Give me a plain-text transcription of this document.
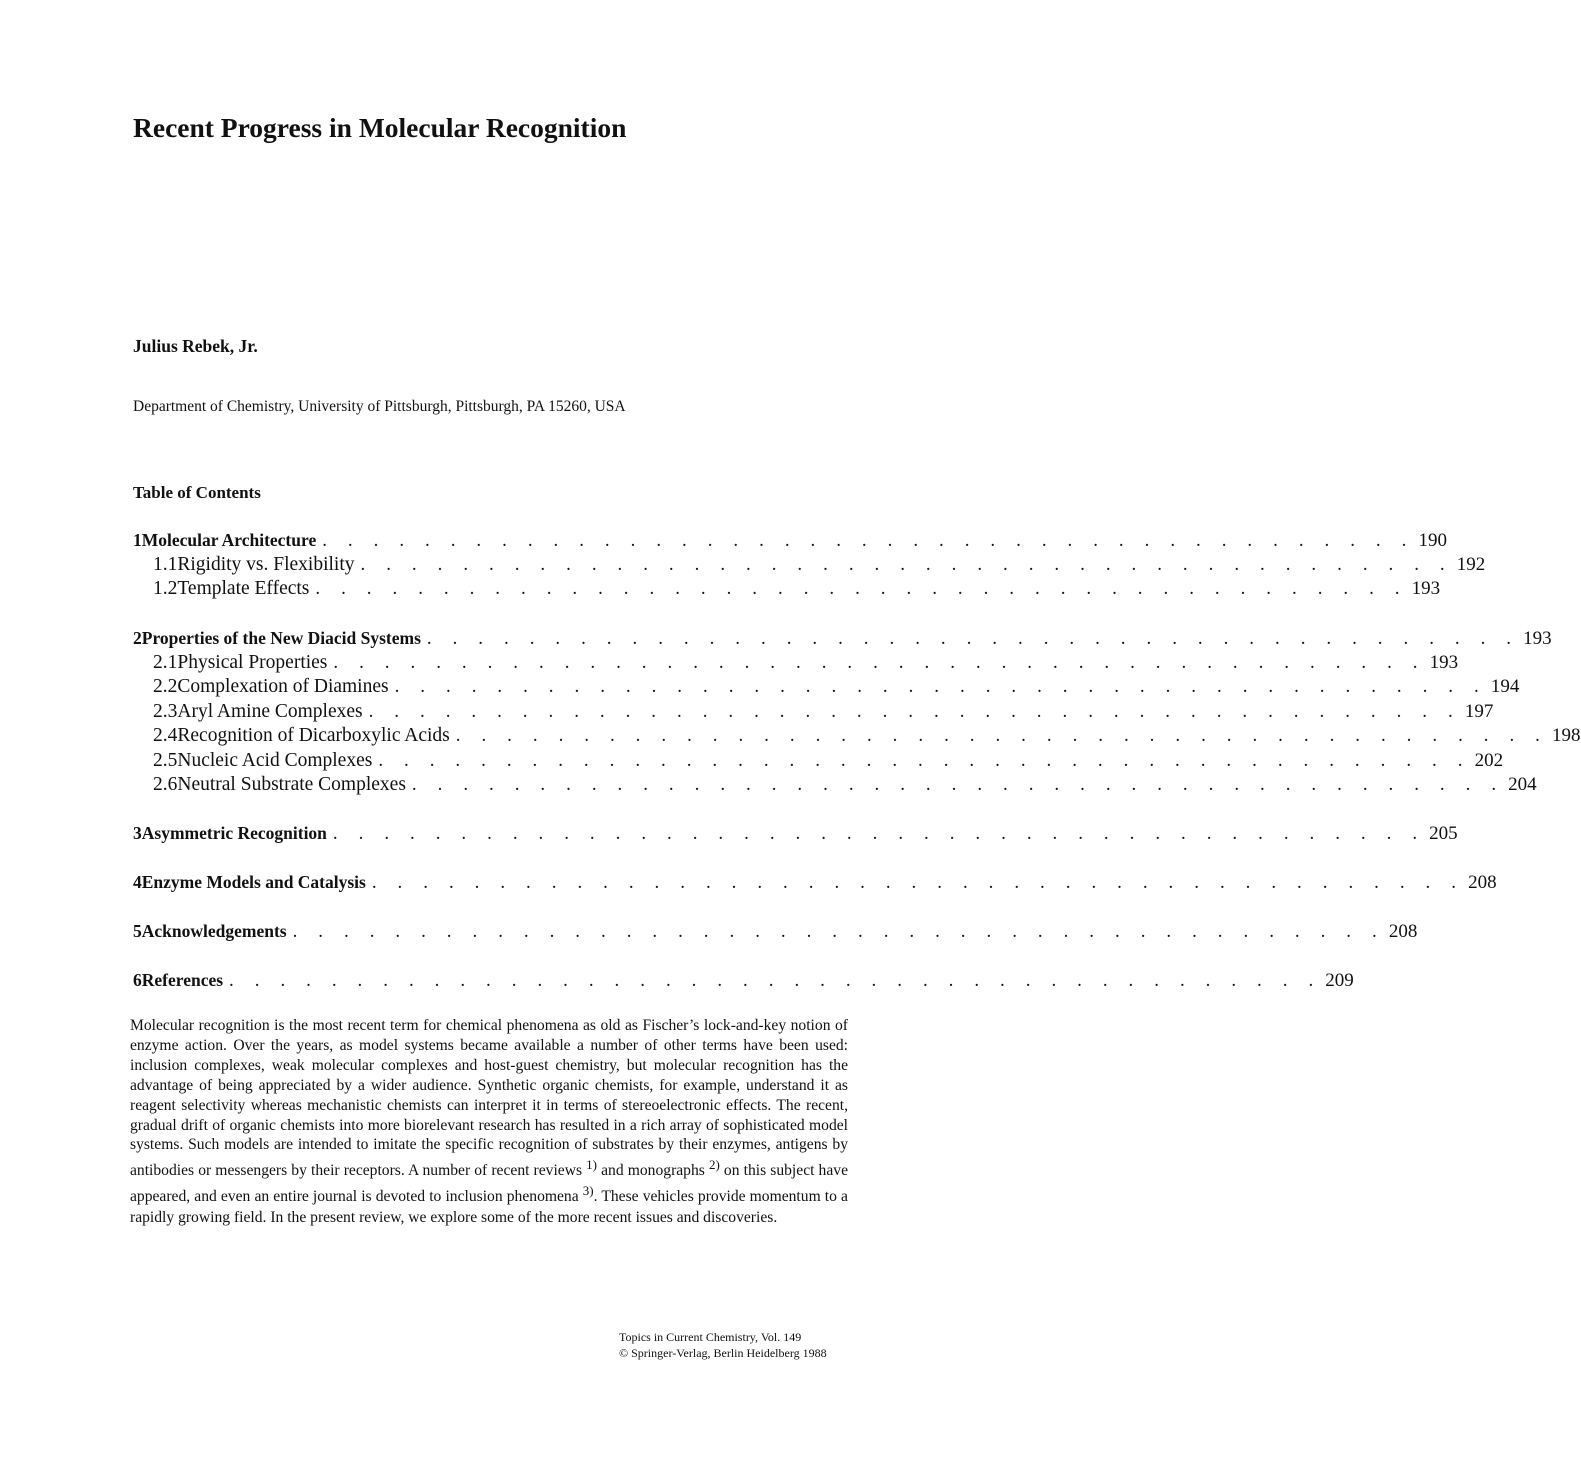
Recent Progress in Molecular Recognition
Julius Rebek, Jr.
Department of Chemistry, University of Pittsburgh, Pittsburgh, PA 15260, USA
Table of Contents
1 Molecular Architecture . . . . . . . . . . . . . . . . . . . . . . . . . . . . . . . . . . . . . . . . . . . 190
1.1 Rigidity vs. Flexibility . . . . . . . . . . . . . . . . . . . . . . . . . . . . . . . . . . . . . . . . . . . 192
1.2 Template Effects . . . . . . . . . . . . . . . . . . . . . . . . . . . . . . . . . . . . . . . . . . . 193
2 Properties of the New Diacid Systems . . . . . . . . . . . . . . . . . . . . . . . . . . . . . . . . . . . . . . . . . . . 193
2.1 Physical Properties . . . . . . . . . . . . . . . . . . . . . . . . . . . . . . . . . . . . . . . . . . . 193
2.2 Complexation of Diamines . . . . . . . . . . . . . . . . . . . . . . . . . . . . . . . . . . . . . . . . . . . 194
2.3 Aryl Amine Complexes . . . . . . . . . . . . . . . . . . . . . . . . . . . . . . . . . . . . . . . . . . . 197
2.4 Recognition of Dicarboxylic Acids . . . . . . . . . . . . . . . . . . . . . . . . . . . . . . . . . . . . . . . . . . . 198
2.5 Nucleic Acid Complexes . . . . . . . . . . . . . . . . . . . . . . . . . . . . . . . . . . . . . . . . . . . 202
2.6 Neutral Substrate Complexes . . . . . . . . . . . . . . . . . . . . . . . . . . . . . . . . . . . . . . . . . . . 204
3 Asymmetric Recognition . . . . . . . . . . . . . . . . . . . . . . . . . . . . . . . . . . . . . . . . . . . 205
4 Enzyme Models and Catalysis . . . . . . . . . . . . . . . . . . . . . . . . . . . . . . . . . . . . . . . . . . . 208
5 Acknowledgements . . . . . . . . . . . . . . . . . . . . . . . . . . . . . . . . . . . . . . . . . . . 208
6 References . . . . . . . . . . . . . . . . . . . . . . . . . . . . . . . . . . . . . . . . . . . 209

Molecular recognition is the most recent term for chemical phenomena as old as Fischer’s lock-and-key notion of enzyme action. Over the years, as model systems became available a number of other terms have been used: inclusion complexes, weak molecular complexes and host-guest chemistry, but molecular recognition has the advantage of being appreciated by a wider audience. Synthetic organic chemists, for example, understand it as reagent selectivity whereas mechanistic chemists can interpret it in terms of stereoelectronic effects. The recent, gradual drift of organic chemists into more biorelevant research has resulted in a rich array of sophisticated model systems. Such models are intended to imitate the specific recognition of substrates by their enzymes, antigens by antibodies or messengers by their receptors. A number of recent reviews $^{1)}$ and monographs $^{2)}$ on this subject have appeared, and even an entire journal is devoted to inclusion phenomena $^{3)}$. These vehicles provide momentum to a rapidly growing field. In the present review, we explore some of the more recent issues and discoveries.

Topics in Current Chemistry, Vol. 149
© Springer-Verlag, Berlin Heidelberg 1988
